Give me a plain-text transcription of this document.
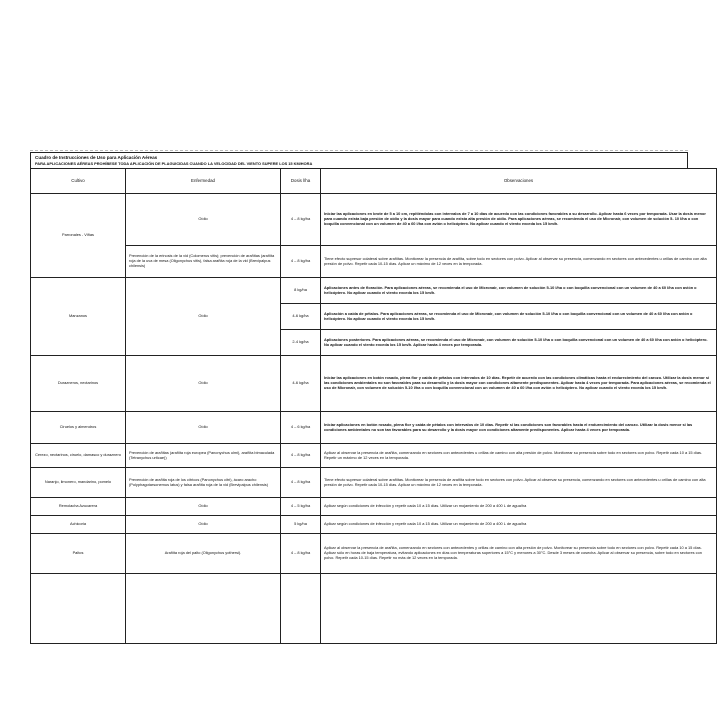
Cuadro de Instrucciones de Uso para Aplicación Aéreas
PARA APLICACIONES AÉREAS PROHÍBESE TODA APLICACIÓN DE PLAGUICIDAS CUANDO LA VELOCIDAD DEL VIENTO SUPERE LOS 15 KM/HORA
Cultivo	Enfermedad	Dosis l/ha	Observaciones
Parronales - Viñas	Oídio	4 – 8 kg/ha	Iniciar las aplicaciones en brote de 5 a 10 cm, repitiéndolas con intervalos de 7 a 10 días de acuerdo con las condiciones favorables a su desarrollo. Aplicar hasta 6 veces por temporada. Usar la dosis menor para cuando exista baja presión de oídio y la dosis mayor para cuando exista alta presión de oídio. Para aplicaciones aéreas, se recomienda el uso de Micronair, con volumen de solución 5- 10 l/ha o con boquilla convencional con un volumen de 40 a 60 l/ha con avión o helicóptero. No aplicar cuando el viento exceda los 15 km/h.
	Prevención de la erinosis de la vid (Colomerus vitis); prevención de arañitas (arañita roja de la uva de mesa (Oligonychus vitis), falsa arañita roja de la vid (Brevipalpus chilensis)	4 – 8 kg/ha	Tiene efecto supresor colateral sobre arañitas. Monitorear la presencia de arañita, sobre todo en sectores con polvo. Aplicar al observar su presencia, comenzando en sectores con antecedentes u orillas de camino con alta presión de polvo. Repetir cada 10-15 días. Aplicar un máximo de 12 veces en la temporada.
Manzanos	Oídio	8 kg/ha	Aplicaciones antes de floración. Para aplicaciones aéreas, se recomienda el uso de Micronair, con volumen de solución 5-10 l/ha o con boquilla convencional con un volumen de 40 a 60 l/ha con avión o helicóptero. No aplicar cuando el viento exceda los 15 km/h.
		4-6 kg/ha	Aplicación a caída de pétalos. Para aplicaciones aéreas, se recomienda el uso de Micronair, con volumen de solución 5-10 l/ha o con boquilla convencional con un volumen de 40 a 60 l/ha con avión o helicóptero. No aplicar cuando el viento exceda los 15 km/h.
		2-4 kg/ha	Aplicaciones posteriores. Para aplicaciones aéreas, se recomienda el uso de Micronair, con volumen de solución 5-10 l/ha o con boquilla convencional con un volumen de 40 a 60 l/ha con avión o helicóptero. No aplicar cuando el viento exceda los 15 km/h. Aplicar hasta 4 veces por temporada.
Durazneros, nectarinos	Oídio	4-6 kg/ha	Iniciar las aplicaciones en botón rosado, plena flor y caída de pétalos con intervalos de 10 días. Repetir de acuerdo con las condiciones climáticas hasta el endurecimiento del carozo. Utilizar la dosis menor si las condiciones ambientales no son favorables para su desarrollo y la dosis mayor con condiciones altamente predisponentes. Aplicar hasta 4 veces por temporada. Para aplicaciones aéreas, se recomienda el uso de Micronair, con volumen de solución 5-10 l/ha o con boquilla convencional con un volumen de 40 a 60 l/ha con avión o helicóptero. No aplicar cuando el viento exceda los 15 km/h.
Ciruelos y almendros	Oídio	4 – 6 kg/ha	Iniciar aplicaciones en botón rosado, plena flor y caída de pétalos con intervalos de 10 días. Repetir si las condiciones son favorables hasta el endurecimiento del carozo. Utilizar la dosis menor si las condiciones ambientales no son tan favorables para su desarrollo y la dosis mayor con condiciones altamente predisponentes. Aplicar hasta 4 veces por temporada.
Cerezo, nectarinos, ciruelo, damasco y duraznero	Prevención de arañitas (arañita roja europea (Panonychus ulmi), arañita bimaculada (Tetranychus urticae))	4 – 8 kg/ha	Aplicar al observar la presencia de arañita, comenzando en sectores con antecedentes u orillas de camino con alta presión de polvo. Monitorear su presencia sobre todo en sectores con polvo. Repetir cada 10 a 15 días. Repetir un máximo de 12 veces en la temporada.
Naranjo, limonero, mandarino, pomelo	Prevención de arañita roja de los cítricos (Panonychus citri), ácaro aracho (Polyphagotarsonemus latus) y falsa arañita roja de la vid (Brevipalpus chilensis)	4 – 8 kg/ha	Tiene efecto supresor colateral sobre arañitas. Monitorear la presencia de arañita sobre todo en sectores con polvo. Aplicar al observar su presencia, comenzando en sectores con antecedentes u orillas de camino con alta presión de polvo. Repetir cada 10-15 días. Aplicar un máximo de 12 veces en la temporada.
Remolacha Azucarera	Oídio	4 – 5 kg/ha	Aplicar según condiciones de infección y repetir cada 10 a 15 días. Utilizar un mojamiento de 200 a 400 L de agua/ha
Achicoria	Oídio	5 kg/ha	Aplicar según condiciones de infección y repetir cada 10 a 15 días. Utilizar un mojamiento de 200 a 400 L de agua/ha
Paltos	Arañita roja del palto (Oligonychus yothersi).	4 – 8 kg/ha	Aplicar al observar la presencia de arañita, comenzando en sectores con antecedentes y orillas de camino con alta presión de polvo. Monitorear su presencia sobre todo en sectores con polvo. Repetir cada 10 a 15 días. Aplicar sólo en horas de baja temperatura, evitando aplicaciones en días con temperaturas superiores a 15°C y menores a 30°C. Desde 3 meses de cosecha. Aplicar al observar su presencia, sobre todo en sectores con polvo. Repetir cada 10-15 días. Repetir no más de 12 veces en la temporada.
